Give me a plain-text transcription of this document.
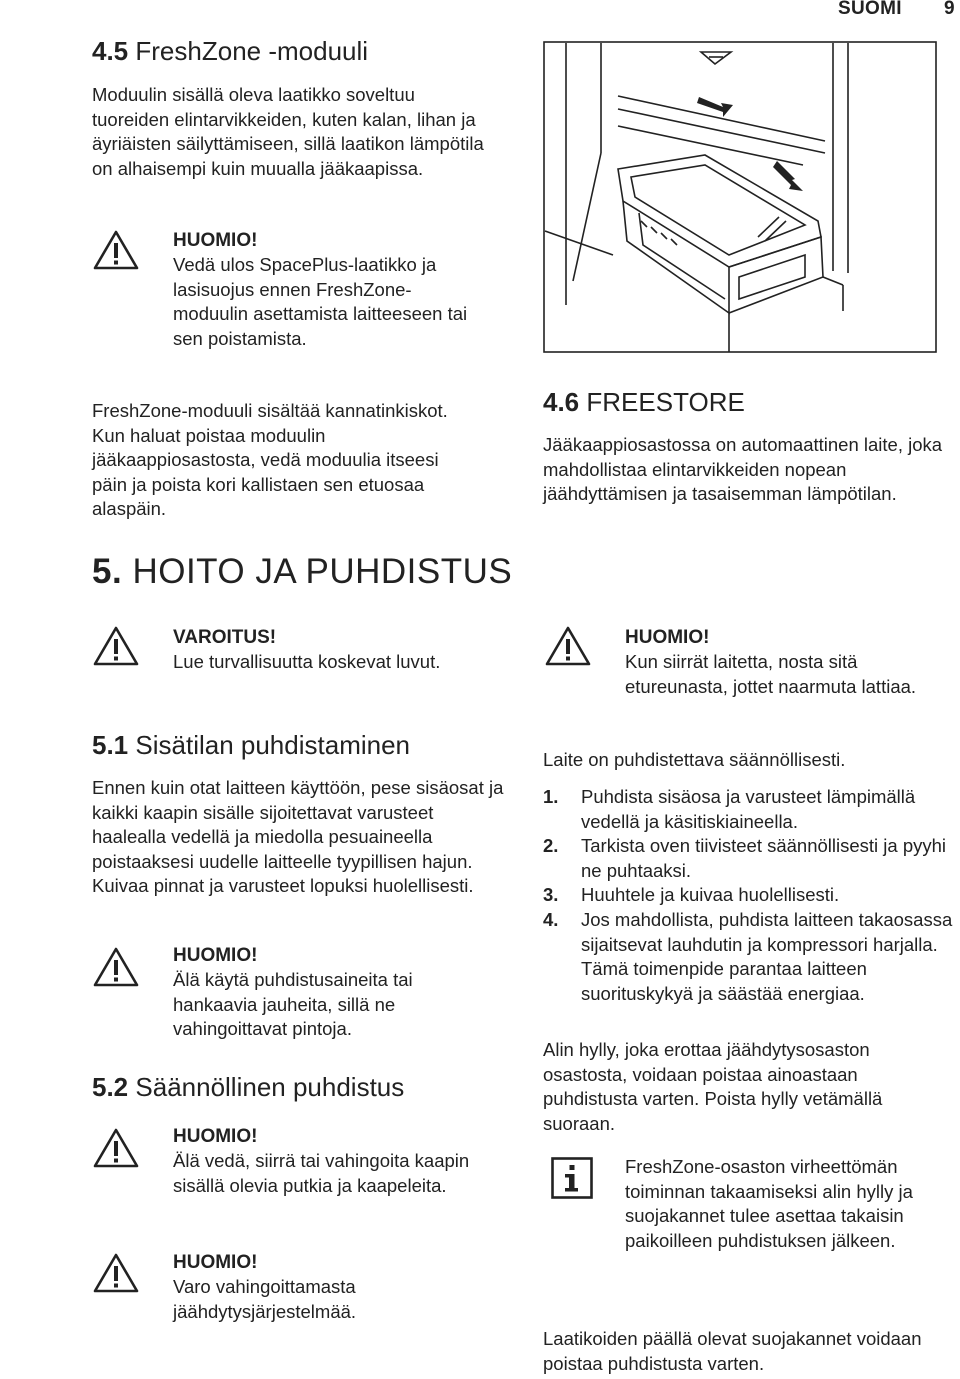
SUOMI 9
4.5 FreshZone -moduuli

Moduulin sisällä oleva laatikko soveltuu tuoreiden elintarvikkeiden, kuten kalan, lihan ja äyriäisten säilyttämiseen, sillä laatikon lämpötila on alhaisempi kuin muualla jääkaapissa.

HUOMIO!
Vedä ulos SpacePlus-laatikko ja lasisuojus ennen FreshZone-moduulin asettamista laitteeseen tai sen poistamista.

FreshZone-moduuli sisältää kannatinkiskot. Kun haluat poistaa moduulin jääkaappiosastosta, vedä moduulia itseesi päin ja poista kori kallistaen sen etuosaa alaspäin.

4.6 FREESTORE

Jääkaappiosastossa on automaattinen laite, joka mahdollistaa elintarvikkeiden nopean jäähdyttämisen ja tasaisemman lämpötilan.

5. HOITO JA PUHDISTUS
VAROITUS!
Lue turvallisuutta koskevat luvut.
5.1 Sisätilan puhdistaminen

Ennen kuin otat laitteen käyttöön, pese sisäosat ja kaikki kaapin sisälle sijoitettavat varusteet haalealla vedellä ja miedolla pesuaineella poistaaksesi uudelle laitteelle tyypillisen hajun. Kuivaa pinnat ja varusteet lopuksi huolellisesti.

HUOMIO!
Älä käytä puhdistusaineita tai hankaavia jauheita, sillä ne vahingoittavat pintoja.
5.2 Säännöllinen puhdistus
HUOMIO!
Älä vedä, siirrä tai vahingoita kaapin sisällä olevia putkia ja kaapeleita.
HUOMIO!
Varo vahingoittamasta jäähdytysjärjestelmää.
HUOMIO!
Kun siirrät laitetta, nosta sitä etureunasta, jottet naarmuta lattiaa.

Laite on puhdistettava säännöllisesti.

1.	Puhdista sisäosa ja varusteet lämpimällä vedellä ja käsitiskiaineella.
2.	Tarkista oven tiivisteet säännöllisesti ja pyyhi ne puhtaaksi.
3.	Huuhtele ja kuivaa huolellisesti.
4.	Jos mahdollista, puhdista laitteen takaosassa sijaitsevat lauhdutin ja kompressori harjalla.
Tämä toimenpide parantaa laitteen suorituskykyä ja säästää energiaa.

Alin hylly, joka erottaa jäähdytysosaston osastosta, voidaan poistaa ainoastaan puhdistusta varten. Poista hylly vetämällä suoraan.

FreshZone-osaston virheettömän toiminnan takaamiseksi alin hylly ja suojakannet tulee asettaa takaisin paikoilleen puhdistuksen jälkeen.

Laatikoiden päällä olevat suojakannet voidaan poistaa puhdistusta varten.
